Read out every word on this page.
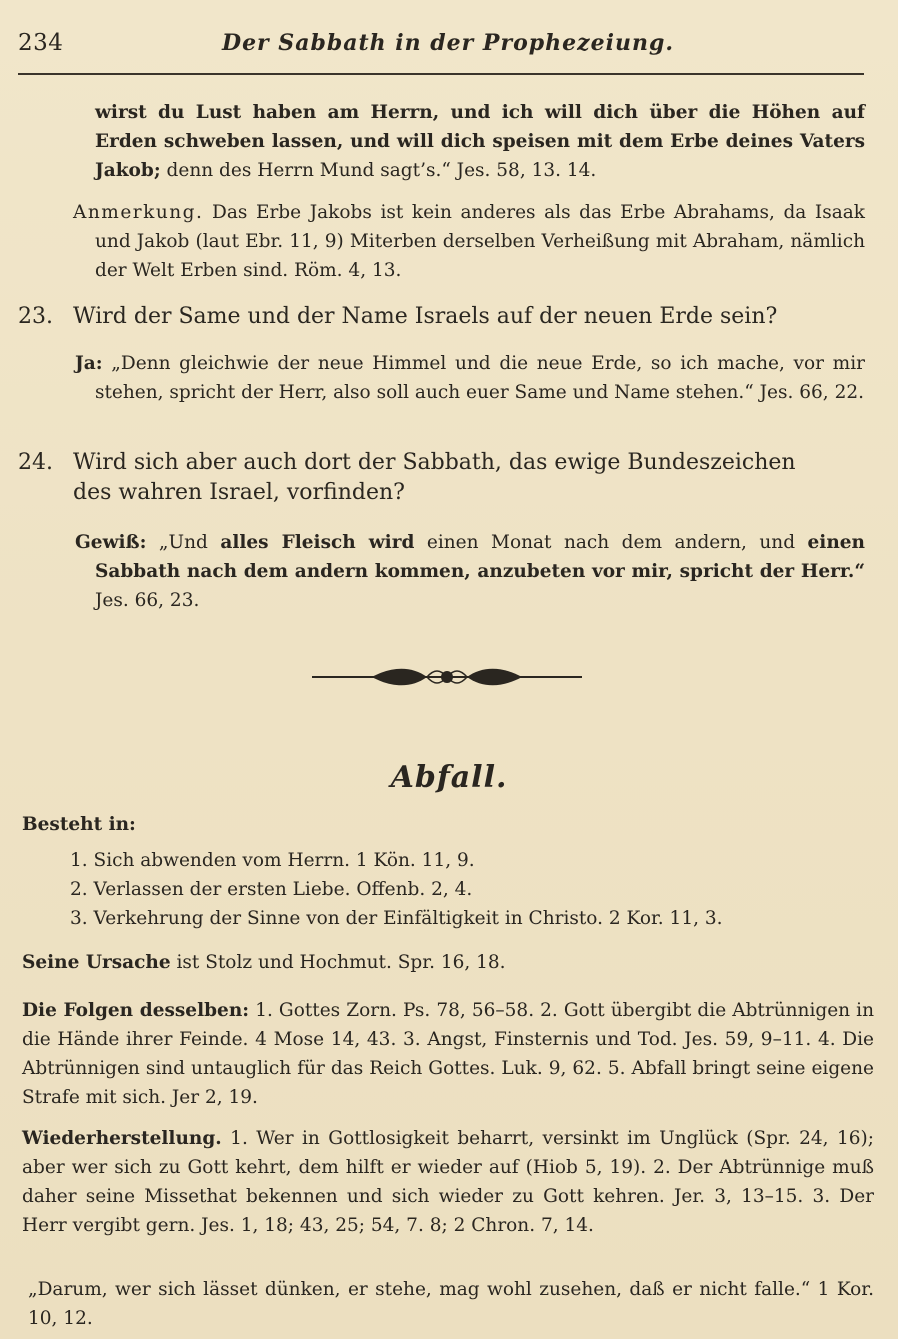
234	Der Sabbath in der Prophezeiung.

wirst du Lust haben am Herrn, und ich will dich über die Höhen auf Erden schweben lassen, und will dich speisen mit dem Erbe deines Vaters Jakob; denn des Herrn Mund sagt’s.“ Jes. 58, 13. 14.

Anmerkung. Das Erbe Jakobs ist kein anderes als das Erbe Abrahams, da Isaak und Jakob (laut Ebr. 11, 9) Miterben derselben Verheißung mit Abraham, nämlich der Welt Erben sind. Röm. 4, 13.

23. Wird der Same und der Name Israels auf der neuen Erde sein?

Ja: „Denn gleichwie der neue Himmel und die neue Erde, so ich mache, vor mir stehen, spricht der Herr, also soll auch euer Same und Name stehen.“ Jes. 66, 22.

24. Wird sich aber auch dort der Sabbath, das ewige Bundeszeichen
des wahren Israel, vorfinden?

Gewiß: „Und alles Fleisch wird einen Monat nach dem andern, und einen Sabbath nach dem andern kommen, anzubeten vor mir, spricht der Herr.“ Jes. 66, 23.

Abfall.

Besteht in:

1. Sich abwenden vom Herrn. 1 Kön. 11, 9.

2. Verlassen der ersten Liebe. Offenb. 2, 4.

3. Verkehrung der Sinne von der Einfältigkeit in Christo. 2 Kor. 11, 3.

Seine Ursache ist Stolz und Hochmut. Spr. 16, 18.

Die Folgen desselben: 1. Gottes Zorn. Ps. 78, 56–58. 2. Gott übergibt die Abtrünnigen in die Hände ihrer Feinde. 4 Mose 14, 43. 3. Angst, Finsternis und Tod. Jes. 59, 9–11. 4. Die Abtrünnigen sind untauglich für das Reich Gottes. Luk. 9, 62. 5. Abfall bringt seine eigene Strafe mit sich. Jer 2, 19.

Wiederherstellung. 1. Wer in Gottlosigkeit beharrt, versinkt im Unglück (Spr. 24, 16); aber wer sich zu Gott kehrt, dem hilft er wieder auf (Hiob 5, 19). 2. Der Abtrünnige muß daher seine Missethat bekennen und sich wieder zu Gott kehren. Jer. 3, 13–15. 3. Der Herr vergibt gern. Jes. 1, 18; 43, 25; 54, 7. 8; 2 Chron. 7, 14.

„Darum, wer sich lässet dünken, er stehe, mag wohl zusehen, daß er nicht falle.“ 1 Kor. 10, 12.
